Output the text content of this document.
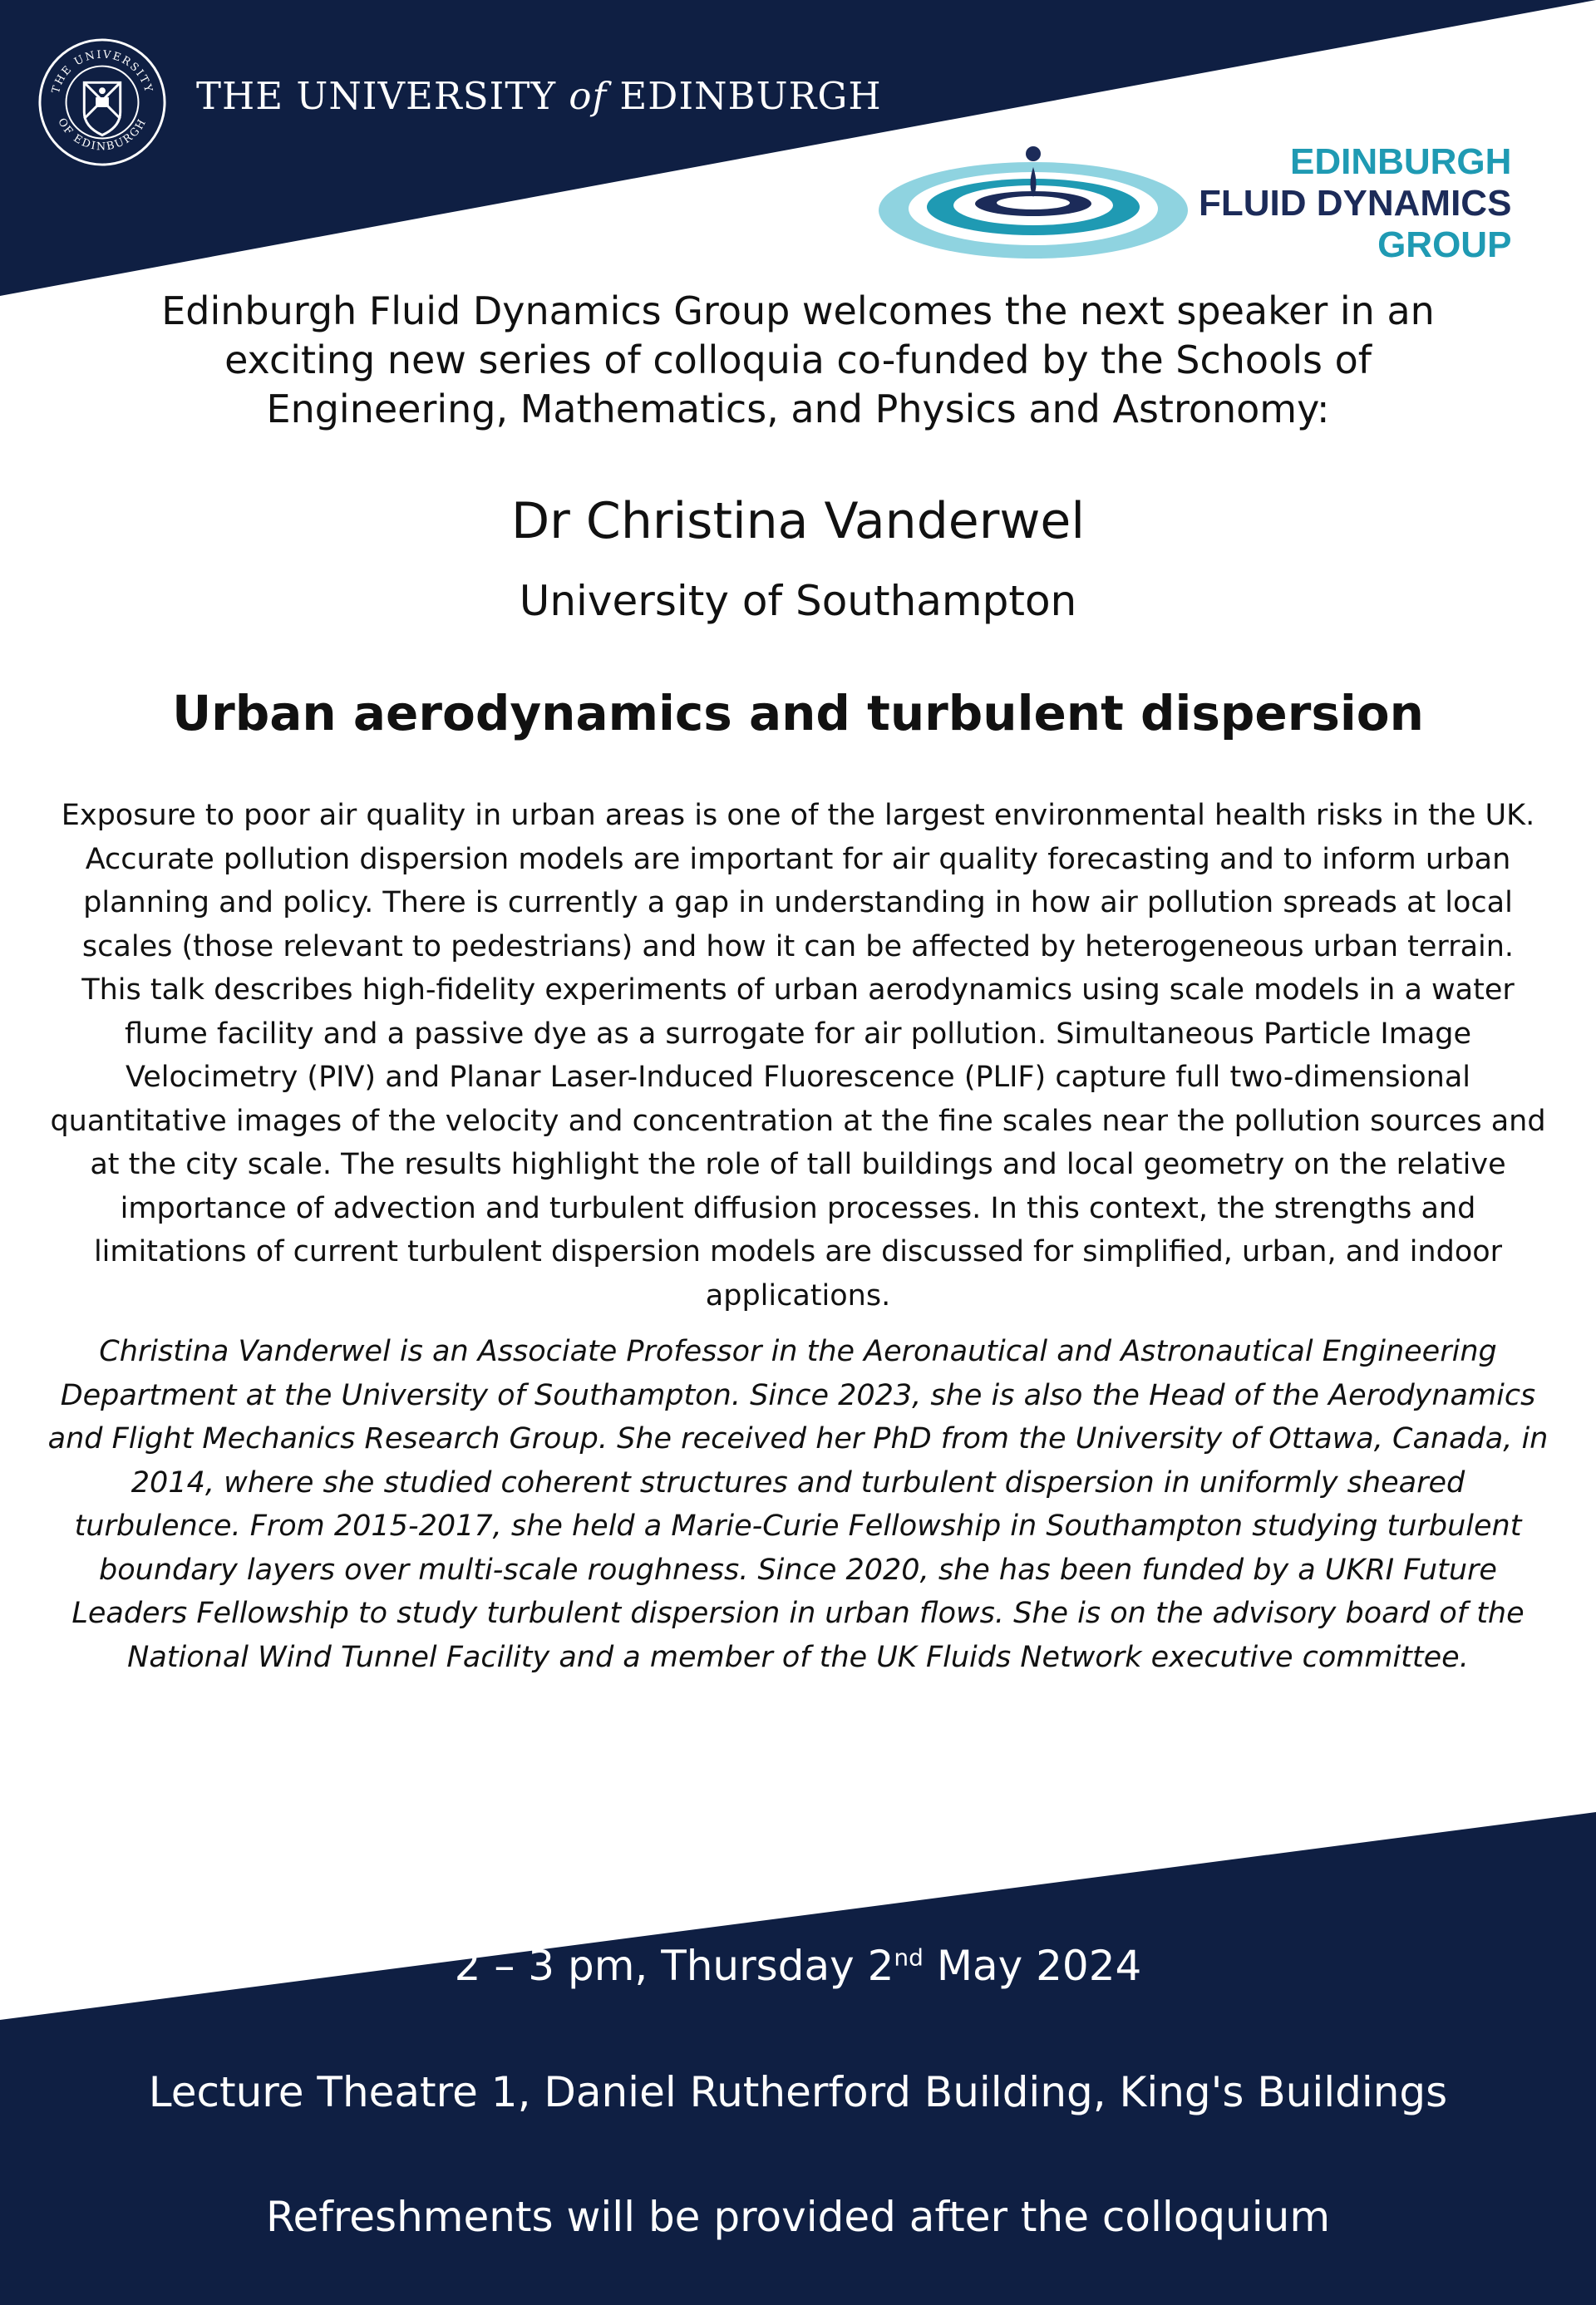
THE UNIVERSITY
OF EDINBURGH
THE UNIVERSITY of EDINBURGH
EDINBURGH
FLUID DYNAMICS
GROUP
Edinburgh Fluid Dynamics Group welcomes the next speaker in an exciting new series of colloquia co-funded by the Schools of Engineering, Mathematics, and Physics and Astronomy:
Dr Christina Vanderwel
University of Southampton
Urban aerodynamics and turbulent dispersion
Exposure to poor air quality in urban areas is one of the largest environmental health risks in the UK. Accurate pollution dispersion models are important for air quality forecasting and to inform urban planning and policy. There is currently a gap in understanding in how air pollution spreads at local scales (those relevant to pedestrians) and how it can be affected by heterogeneous urban terrain. This talk describes high-fidelity experiments of urban aerodynamics using scale models in a water flume facility and a passive dye as a surrogate for air pollution. Simultaneous Particle Image Velocimetry (PIV) and Planar Laser-Induced Fluorescence (PLIF) capture full two-dimensional quantitative images of the velocity and concentration at the fine scales near the pollution sources and at the city scale. The results highlight the role of tall buildings and local geometry on the relative importance of advection and turbulent diffusion processes. In this context, the strengths and limitations of current turbulent dispersion models are discussed for simplified, urban, and indoor applications.
Christina Vanderwel is an Associate Professor in the Aeronautical and Astronautical Engineering Department at the University of Southampton. Since 2023, she is also the Head of the Aerodynamics and Flight Mechanics Research Group. She received her PhD from the University of Ottawa, Canada, in 2014, where she studied coherent structures and turbulent dispersion in uniformly sheared turbulence. From 2015-2017, she held a Marie-Curie Fellowship in Southampton studying turbulent boundary layers over multi-scale roughness. Since 2020, she has been funded by a UKRI Future Leaders Fellowship to study turbulent dispersion in urban flows. She is on the advisory board of the National Wind Tunnel Facility and a member of the UK Fluids Network executive committee.
2 – 3 pm, Thursday 2nd May 2024
Lecture Theatre 1, Daniel Rutherford Building, King's Buildings
Refreshments will be provided after the colloquium
